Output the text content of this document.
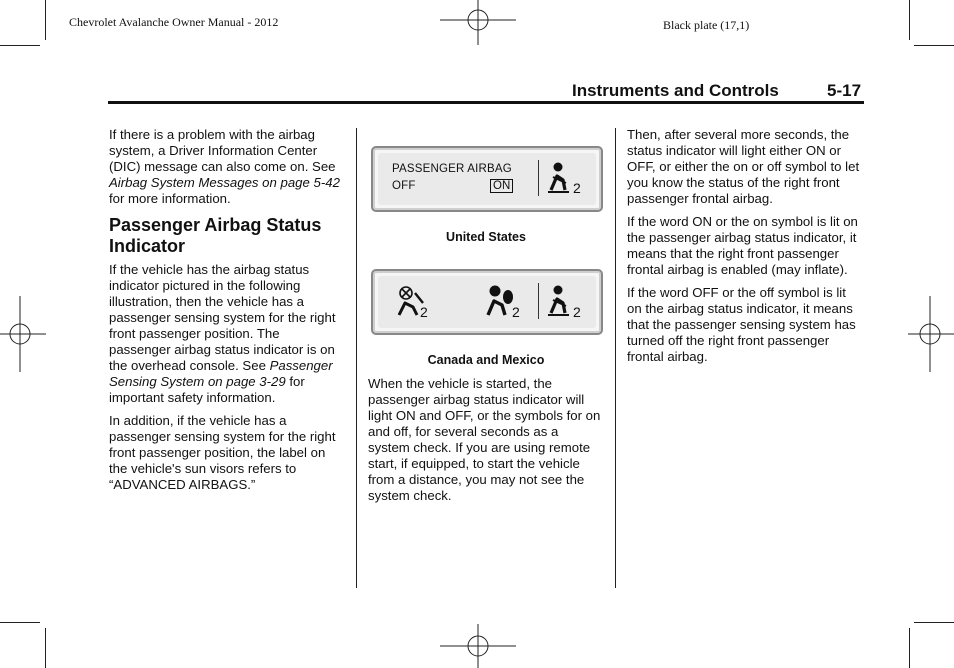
Chevrolet Avalanche Owner Manual - 2012	Black plate (17,1)
Instruments and Controls	5-17

If there is a problem with the airbag system, a Driver Information Center (DIC) message can also come on. See Airbag System Messages on page 5-42 for more information.

Passenger Airbag Status Indicator

If the vehicle has the airbag status indicator pictured in the following illustration, then the vehicle has a passenger sensing system for the right front passenger position. The passenger airbag status indicator is on the overhead console. See Passenger Sensing System on page 3-29 for important safety information.

In addition, if the vehicle has a passenger sensing system for the right front passenger position, the label on the vehicle's sun visors refers to “ADVANCED AIRBAGS.”

PASSENGER AIRBAG
OFF	ON	2
United States
2	2	2
Canada and Mexico

When the vehicle is started, the passenger airbag status indicator will light ON and OFF, or the symbols for on and off, for several seconds as a system check. If you are using remote start, if equipped, to start the vehicle from a distance, you may not see the system check.

Then, after several more seconds, the status indicator will light either ON or OFF, or either the on or off symbol to let you know the status of the right front passenger frontal airbag.

If the word ON or the on symbol is lit on the passenger airbag status indicator, it means that the right front passenger frontal airbag is enabled (may inflate).

If the word OFF or the off symbol is lit on the airbag status indicator, it means that the passenger sensing system has turned off the right front passenger frontal airbag.
